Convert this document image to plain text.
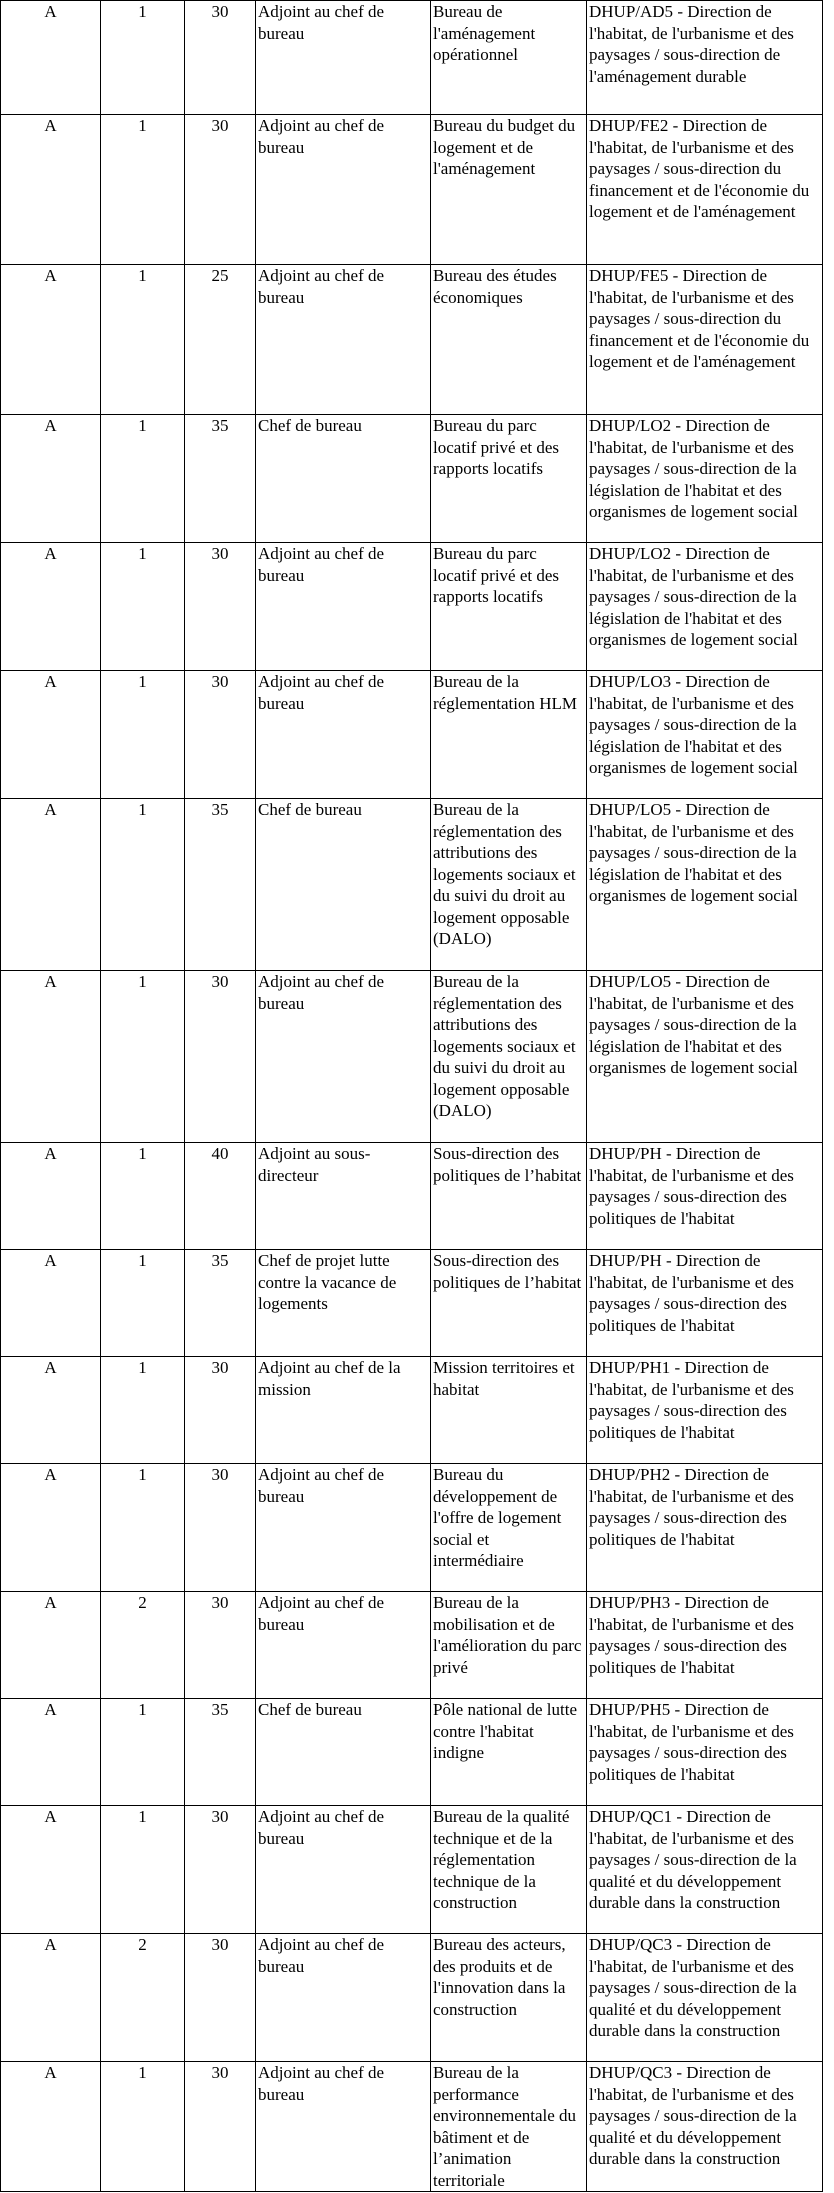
A	1	30	Adjoint au chef de bureau	Bureau de l'aménagement opérationnel	DHUP/AD5 - Direction de l'habitat, de l'urbanisme et des paysages / sous-direction de l'aménagement durable
A	1	30	Adjoint au chef de bureau	Bureau du budget du logement et de l'aménagement	DHUP/FE2 - Direction de l'habitat, de l'urbanisme et des paysages / sous-direction du financement et de l'économie du logement et de l'aménagement
A	1	25	Adjoint au chef de bureau	Bureau des études économiques	DHUP/FE5 - Direction de l'habitat, de l'urbanisme et des paysages / sous-direction du financement et de l'économie du logement et de l'aménagement
A	1	35	Chef de bureau	Bureau du parc locatif privé et des rapports locatifs	DHUP/LO2 - Direction de l'habitat, de l'urbanisme et des paysages / sous-direction de la législation de l'habitat et des organismes de logement social
A	1	30	Adjoint au chef de bureau	Bureau du parc locatif privé et des rapports locatifs	DHUP/LO2 - Direction de l'habitat, de l'urbanisme et des paysages / sous-direction de la législation de l'habitat et des organismes de logement social
A	1	30	Adjoint au chef de bureau	Bureau de la réglementation HLM	DHUP/LO3 - Direction de l'habitat, de l'urbanisme et des paysages / sous-direction de la législation de l'habitat et des organismes de logement social
A	1	35	Chef de bureau	Bureau de la réglementation des attributions des logements sociaux et du suivi du droit au logement opposable (DALO)	DHUP/LO5 - Direction de l'habitat, de l'urbanisme et des paysages / sous-direction de la législation de l'habitat et des organismes de logement social
A	1	30	Adjoint au chef de bureau	Bureau de la réglementation des attributions des logements sociaux et du suivi du droit au logement opposable (DALO)	DHUP/LO5 - Direction de l'habitat, de l'urbanisme et des paysages / sous-direction de la législation de l'habitat et des organismes de logement social
A	1	40	Adjoint au sous-directeur	Sous-direction des politiques de l’habitat	DHUP/PH - Direction de l'habitat, de l'urbanisme et des paysages / sous-direction des politiques de l'habitat
A	1	35	Chef de projet lutte contre la vacance de logements	Sous-direction des politiques de l’habitat	DHUP/PH - Direction de l'habitat, de l'urbanisme et des paysages / sous-direction des politiques de l'habitat
A	1	30	Adjoint au chef de la mission	Mission territoires et habitat	DHUP/PH1 - Direction de l'habitat, de l'urbanisme et des paysages / sous-direction des politiques de l'habitat
A	1	30	Adjoint au chef de bureau	Bureau du développement de l'offre de logement social et intermédiaire	DHUP/PH2 - Direction de l'habitat, de l'urbanisme et des paysages / sous-direction des politiques de l'habitat
A	2	30	Adjoint au chef de bureau	Bureau de la mobilisation et de l'amélioration du parc privé	DHUP/PH3 - Direction de l'habitat, de l'urbanisme et des paysages / sous-direction des politiques de l'habitat
A	1	35	Chef de bureau	Pôle national de lutte contre l'habitat indigne	DHUP/PH5 - Direction de l'habitat, de l'urbanisme et des paysages / sous-direction des politiques de l'habitat
A	1	30	Adjoint au chef de bureau	Bureau de la qualité technique et de la réglementation technique de la construction	DHUP/QC1 - Direction de l'habitat, de l'urbanisme et des paysages / sous-direction de la qualité et du développement durable dans la construction
A	2	30	Adjoint au chef de bureau	Bureau des acteurs, des produits et de l'innovation dans la construction	DHUP/QC3 - Direction de l'habitat, de l'urbanisme et des paysages / sous-direction de la qualité et du développement durable dans la construction
A	1	30	Adjoint au chef de bureau	Bureau de la performance environnementale du bâtiment et de l’animation territoriale	DHUP/QC3 - Direction de l'habitat, de l'urbanisme et des paysages / sous-direction de la qualité et du développement durable dans la construction
